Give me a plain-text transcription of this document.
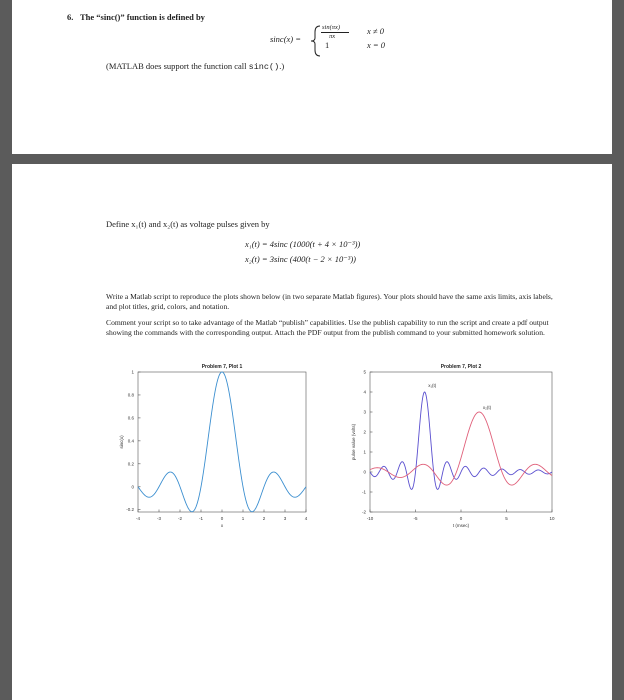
6. The “sinc()” function is defined by
sinc(x) =
sin(πx)
πx
x ≠ 0
1	x = 0
(MATLAB does support the function call sinc().)
Define x₁(t) and x₂(t) as voltage pulses given by
x₁(t) = 4sinc (1000(t + 4 × 10⁻³))
x₂(t) = 3sinc (400(t − 2 × 10⁻³))
Write a Matlab script to reproduce the plots shown below (in two separate Matlab figures). Your plots should have the same axis limits, axis labels, and plot titles, grid, colors, and notation.
Comment your script so to take advantage of the Matlab “publish” capabilities. Use the publish capability to run the script and create a pdf output showing the commands with the corresponding output. Attach the PDF output from the publish command to your submitted homework solution.
-4	-3	-2	-1	0	1	2	3	4
-0.2
0
0.2
0.4
0.6
0.8
1
Problem 7, Plot 1
x
sinc(x)
-10	-5	0	5	10
-2
-1
0
1
2
3
4
5
Problem 7, Plot 2
t (msec)
pulse value (volts)
x₁(t)
x₂(t)
